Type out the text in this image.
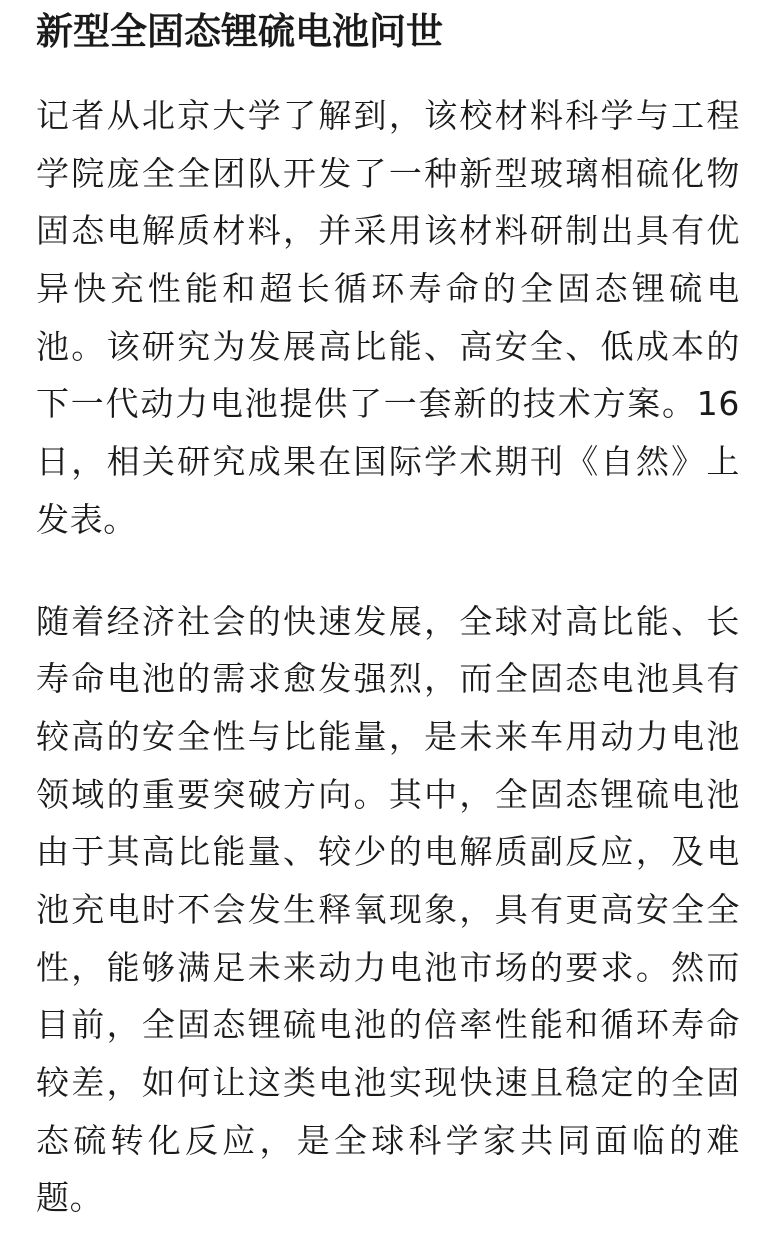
新型全固态锂硫电池问世
记者从北京大学了解到，该校材料科学与工程
学院庞全全团队开发了一种新型玻璃相硫化物
固态电解质材料，并采用该材料研制出具有优
异快充性能和超长循环寿命的全固态锂硫电
池。该研究为发展高比能、高安全、低成本的
下一代动力电池提供了一套新的技术方案。16
日，相关研究成果在国际学术期刊《自然》上
发表。
随着经济社会的快速发展，全球对高比能、长
寿命电池的需求愈发强烈，而全固态电池具有
较高的安全性与比能量，是未来车用动力电池
领域的重要突破方向。其中，全固态锂硫电池
由于其高比能量、较少的电解质副反应，及电
池充电时不会发生释氧现象，具有更高安全全
性，能够满足未来动力电池市场的要求。然而
目前，全固态锂硫电池的倍率性能和循环寿命
较差，如何让这类电池实现快速且稳定的全固
态硫转化反应，是全球科学家共同面临的难
题。
